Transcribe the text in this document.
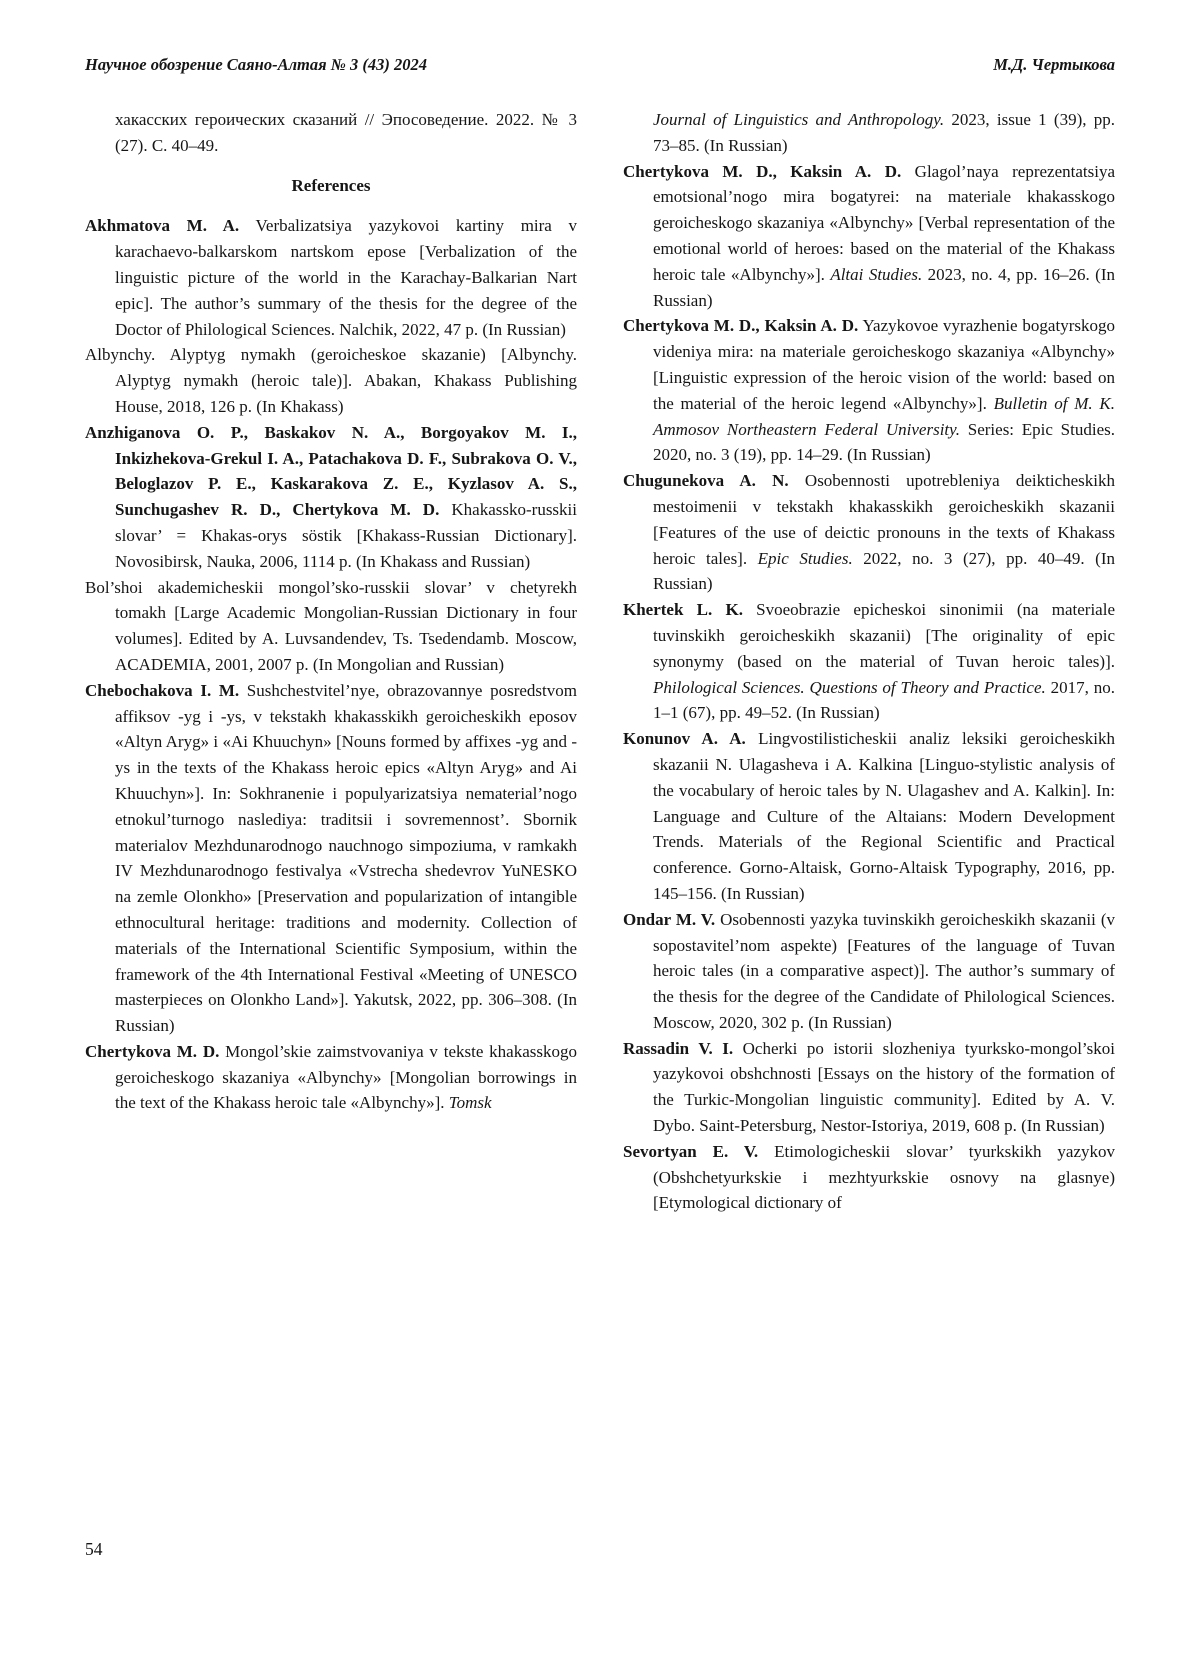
Научное обозрение Саяно-Алтая № 3 (43) 2024	М.Д. Чертыкова

хакасских героических сказаний // Эпосоведение. 2022. № 3 (27). С. 40–49.

References

Akhmatova M. A. Verbalizatsiya yazykovoi kartiny mira v karachaevo-balkarskom nartskom epose [Verbalization of the linguistic picture of the world in the Karachay-Balkarian Nart epic]. The author’s summary of the thesis for the degree of the Doctor of Philological Sciences. Nalchik, 2022, 47 p. (In Russian)

Albynchy. Alyptyg nymakh (geroicheskoe skazanie) [Albynchy. Alyptyg nymakh (heroic tale)]. Abakan, Khakass Publishing House, 2018, 126 p. (In Khakass)

Anzhiganova O. P., Baskakov N. A., Borgoyakov M. I., Inkizhekova-Grekul I. A., Patachakova D. F., Subrakova O. V., Beloglazov P. E., Kaskarakova Z. E., Kyzlasov A. S., Sunchugashev R. D., Chertykova M. D. Khakassko-russkii slovar’ = Khakas-orys söstik [Khakass-Russian Dictionary]. Novosibirsk, Nauka, 2006, 1114 p. (In Khakass and Russian)

Bol’shoi akademicheskii mongol’sko-russkii slovar’ v chetyrekh tomakh [Large Academic Mongolian-Russian Dictionary in four volumes]. Edited by A. Luvsandendev, Ts. Tsedendamb. Moscow, ACADEMIA, 2001, 2007 p. (In Mongolian and Russian)

Chebochakova I. M. Sushchestvitel’nye, obrazovannye posredstvom affiksov -yg i -ys, v tekstakh khakasskikh geroicheskikh eposov «Altyn Aryg» i «Ai Khuuchyn» [Nouns formed by affixes -yg and -ys in the texts of the Khakass heroic epics «Altyn Aryg» and Ai Khuuchyn»]. In: Sokhranenie i populyarizatsiya nematerial’nogo etnokul’turnogo naslediya: traditsii i sovremennost’. Sbornik materialov Mezhdunarodnogo nauchnogo simpoziuma, v ramkakh IV Mezhdunarodnogo festivalya «Vstrecha shedevrov YuNESKO na zemle Olonkho» [Preservation and popularization of intangible ethnocultural heritage: traditions and modernity. Collection of materials of the International Scientific Symposium, within the framework of the 4th International Festival «Meeting of UNESCO masterpieces on Olonkho Land»]. Yakutsk, 2022, pp. 306–308. (In Russian)

Chertykova M. D. Mongol’skie zaimstvovaniya v tekste khakasskogo geroicheskogo skazaniya «Albynchy» [Mongolian borrowings in the text of the Khakass heroic tale «Albynchy»]. Tomsk

Journal of Linguistics and Anthropology. 2023, issue 1 (39), pp. 73–85. (In Russian)

Chertykova M. D., Kaksin A. D. Glagol’naya reprezentatsiya emotsional’nogo mira bogatyrei: na materiale khakasskogo geroicheskogo skazaniya «Albynchy» [Verbal representation of the emotional world of heroes: based on the material of the Khakass heroic tale «Albynchy»]. Altai Studies. 2023, no. 4, pp. 16–26. (In Russian)

Chertykova M. D., Kaksin A. D. Yazykovoe vyrazhenie bogatyrskogo videniya mira: na materiale geroicheskogo skazaniya «Albynchy» [Linguistic expression of the heroic vision of the world: based on the material of the heroic legend «Albynchy»]. Bulletin of M. K. Ammosov Northeastern Federal University. Series: Epic Studies. 2020, no. 3 (19), pp. 14–29. (In Russian)

Chugunekova A. N. Osobennosti upotrebleniya deikticheskikh mestoimenii v tekstakh khakasskikh geroicheskikh skazanii [Features of the use of deictic pronouns in the texts of Khakass heroic tales]. Epic Studies. 2022, no. 3 (27), pp. 40–49. (In Russian)

Khertek L. K. Svoeobrazie epicheskoi sinonimii (na materiale tuvinskikh geroicheskikh skazanii) [The originality of epic synonymy (based on the material of Tuvan heroic tales)]. Philological Sciences. Questions of Theory and Practice. 2017, no. 1–1 (67), pp. 49–52. (In Russian)

Konunov A. A. Lingvostilisticheskii analiz leksiki geroicheskikh skazanii N. Ulagasheva i A. Kalkina [Linguo-stylistic analysis of the vocabulary of heroic tales by N. Ulagashev and A. Kalkin]. In: Language and Culture of the Altaians: Modern Development Trends. Materials of the Regional Scientific and Practical conference. Gorno-Altaisk, Gorno-Altaisk Typography, 2016, pp. 145–156. (In Russian)

Ondar M. V. Osobennosti yazyka tuvinskikh geroicheskikh skazanii (v sopostavitel’nom aspekte) [Features of the language of Tuvan heroic tales (in a comparative aspect)]. The author’s summary of the thesis for the degree of the Candidate of Philological Sciences. Moscow, 2020, 302 p. (In Russian)

Rassadin V. I. Ocherki po istorii slozheniya tyurksko-mongol’skoi yazykovoi obshchnosti [Essays on the history of the formation of the Turkic-Mongolian linguistic community]. Edited by A. V. Dybo. Saint-Petersburg, Nestor-Istoriya, 2019, 608 p. (In Russian)

Sevortyan E. V. Etimologicheskii slovar’ tyurkskikh yazykov (Obshchetyurkskie i mezhtyurkskie osnovy na glasnye) [Etymological dictionary of

54
